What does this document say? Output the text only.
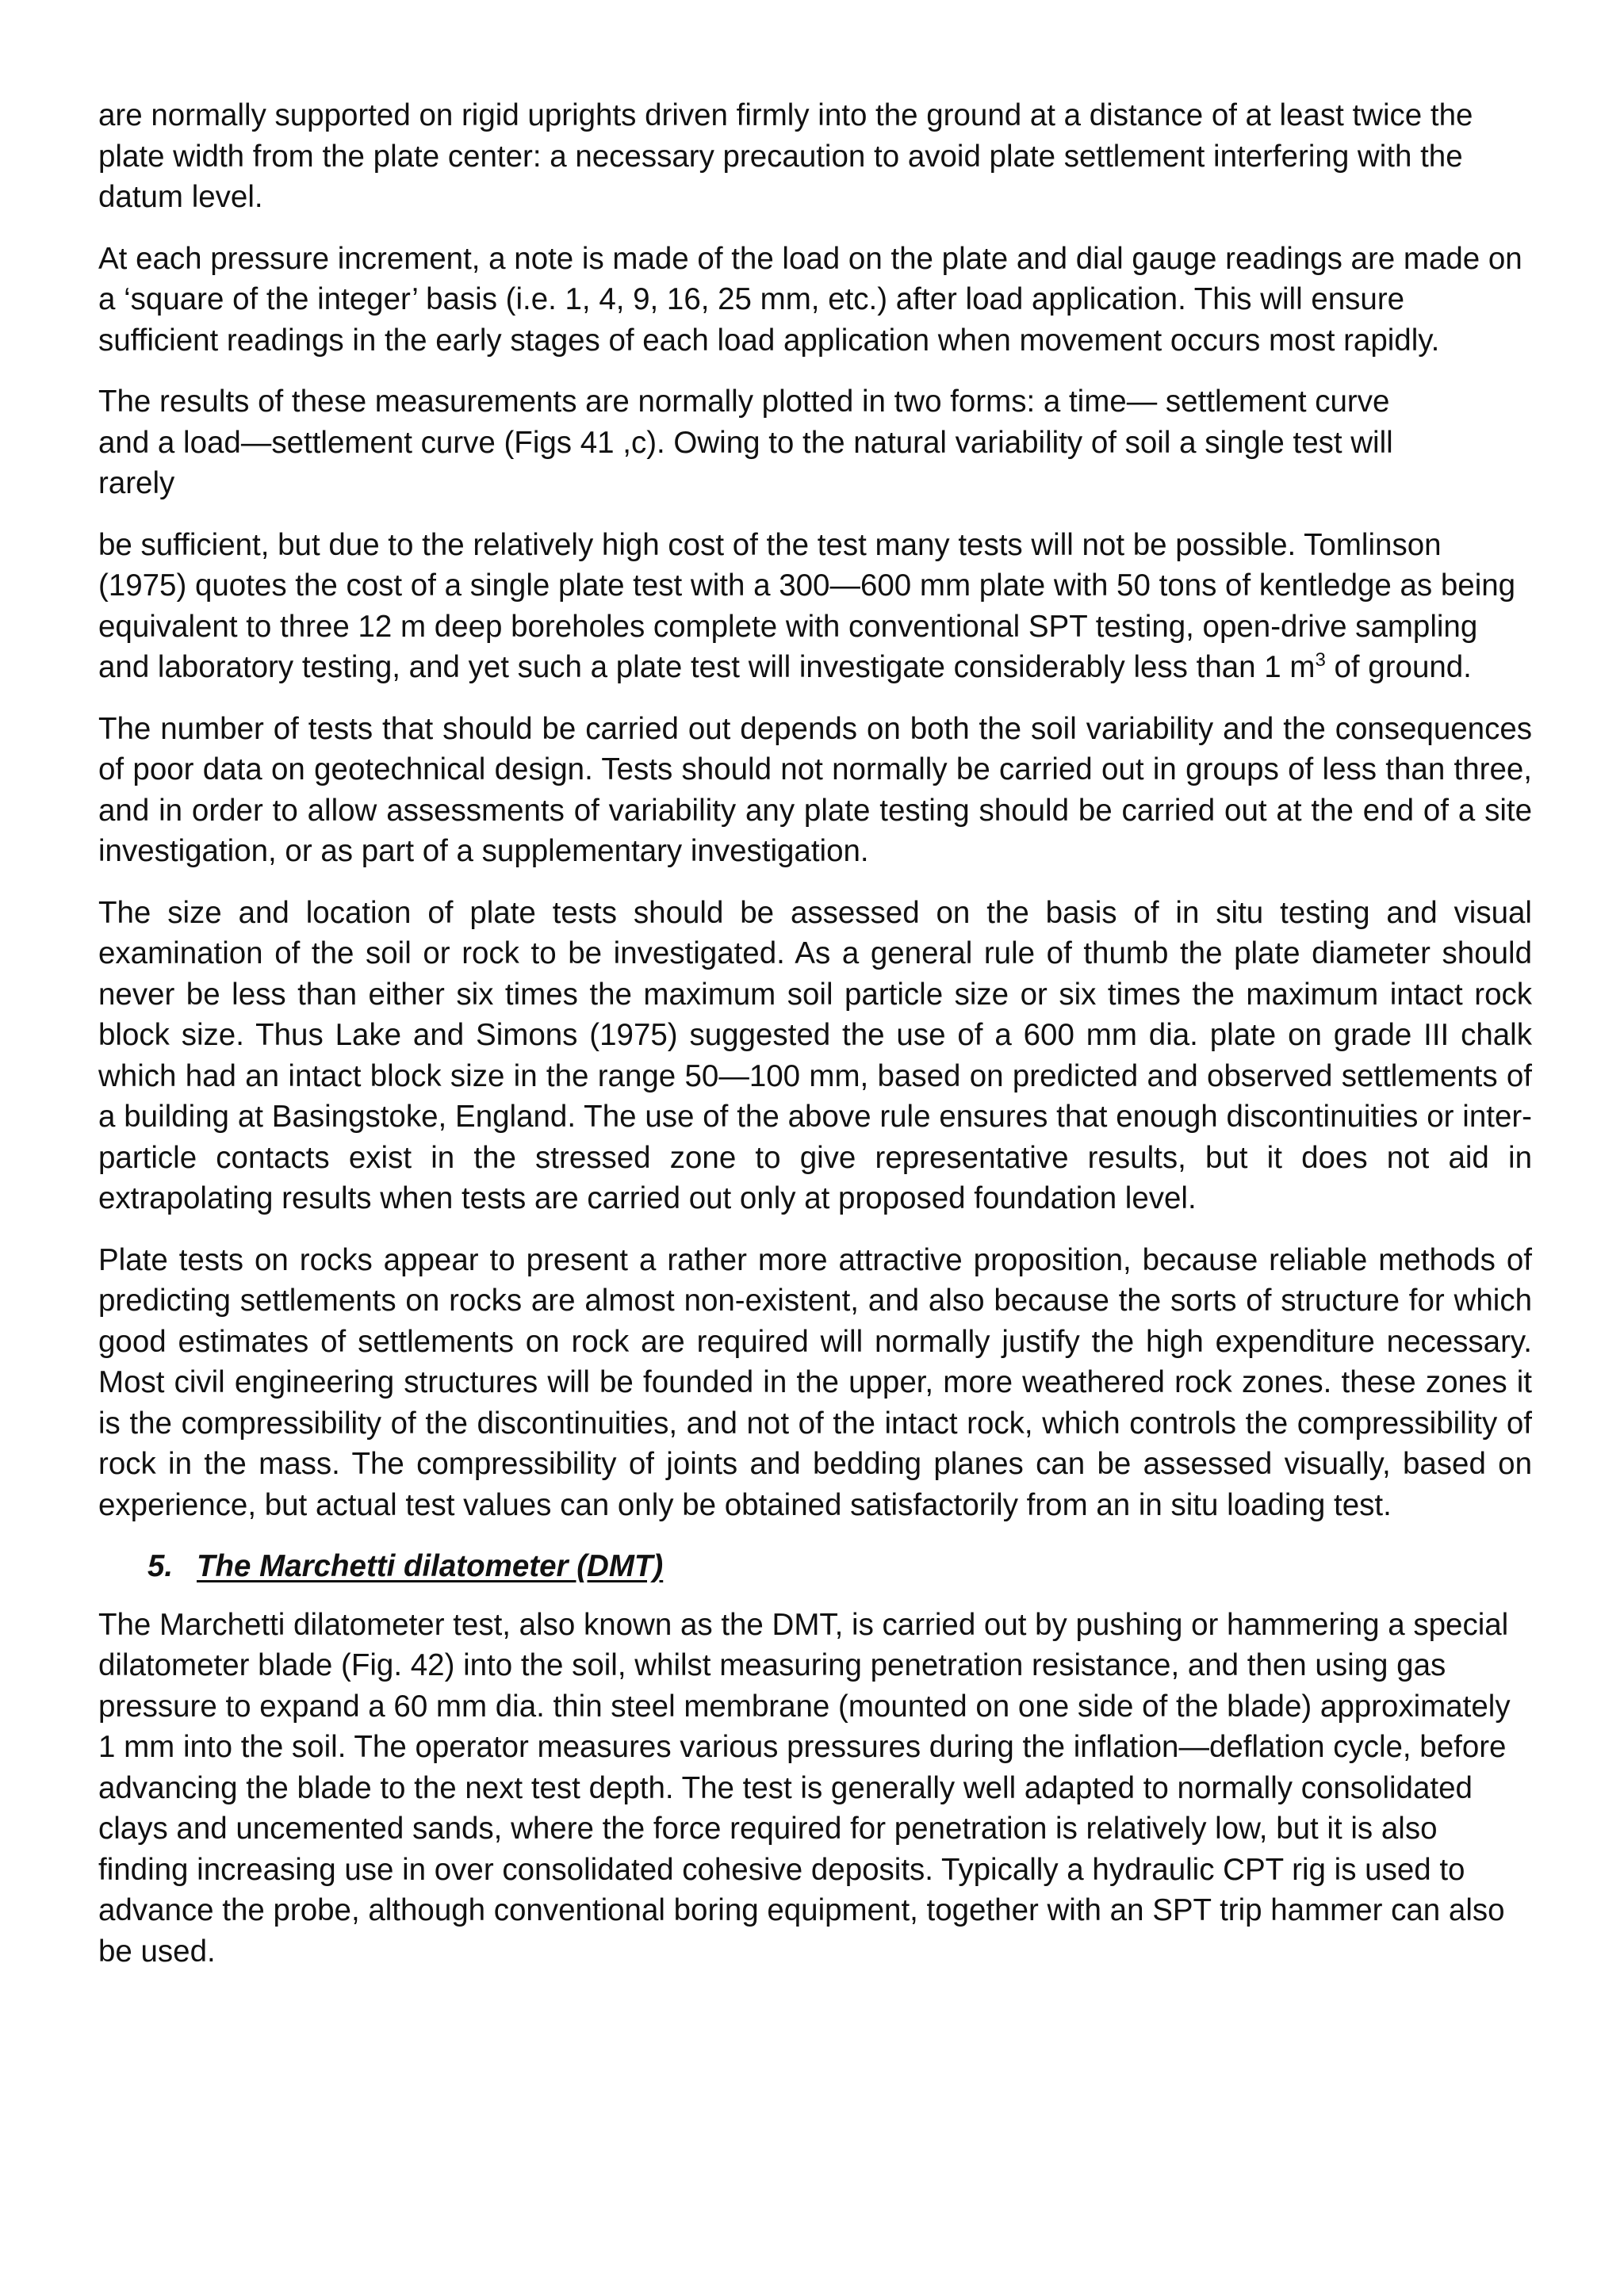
are normally supported on rigid uprights driven firmly into the ground at a distance of at least twice the plate width from the plate center: a necessary precaution to avoid plate settlement interfering with the datum level.

At each pressure increment, a note is made of the load on the plate and dial gauge readings are made on a ‘square of the integer’ basis (i.e. 1, 4, 9, 16, 25 mm, etc.) after load application. This will ensure sufficient readings in the early stages of each load application when movement occurs most rapidly.

The results of these measurements are normally plotted in two forms: a time— settlement curve
and a load—settlement curve (Figs 41 ,c). Owing to the natural variability of soil a single test will
rarely

be sufficient, but due to the relatively high cost of the test many tests will not be possible. Tomlinson (1975) quotes the cost of a single plate test with a 300—600 mm plate with 50 tons of kentledge as being equivalent to three 12 m deep boreholes complete with conventional SPT testing, open-drive sampling and laboratory testing, and yet such a plate test will investigate considerably less than 1 $m^3$ of ground.

The number of tests that should be carried out depends on both the soil variability and the consequences of poor data on geotechnical design. Tests should not normally be carried out in groups of less than three, and in order to allow assessments of variability any plate testing should be carried out at the end of a site investigation, or as part of a supplementary investigation.

The size and location of plate tests should be assessed on the basis of in situ testing and visual examination of the soil or rock to be investigated. As a general rule of thumb the plate diameter should never be less than either six times the maximum soil particle size or six times the maximum intact rock block size. Thus Lake and Simons (1975) suggested the use of a 600 mm dia. plate on grade III chalk which had an intact block size in the range 50—100 mm, based on predicted and observed settlements of a building at Basingstoke, England. The use of the above rule ensures that enough discontinuities or inter-particle contacts exist in the stressed zone to give representative results, but it does not aid in extrapolating results when tests are carried out only at proposed foundation level.

Plate tests on rocks appear to present a rather more attractive proposition, because reliable methods of predicting settlements on rocks are almost non-existent, and also because the sorts of structure for which good estimates of settlements on rock are required will normally justify the high expenditure necessary. Most civil engineering structures will be founded in the upper, more weathered rock zones. these zones it is the compressibility of the discontinuities, and not of the intact rock, which controls the compressibility of rock in the mass. The compressibility of joints and bedding planes can be assessed visually, based on experience, but actual test values can only be obtained satisfactorily from an in situ loading test.

5. The Marchetti dilatometer (DMT)

The Marchetti dilatometer test, also known as the DMT, is carried out by pushing or hammering a special dilatometer blade (Fig. 42) into the soil, whilst measuring penetration resistance, and then using gas pressure to expand a 60 mm dia. thin steel membrane (mounted on one side of the blade) approximately 1 mm into the soil. The operator measures various pressures during the inflation—deflation cycle, before advancing the blade to the next test depth. The test is generally well adapted to normally consolidated clays and uncemented sands, where the force required for penetration is relatively low, but it is also finding increasing use in over consolidated cohesive deposits. Typically a hydraulic CPT rig is used to advance the probe, although conventional boring equipment, together with an SPT trip hammer can also be used.
